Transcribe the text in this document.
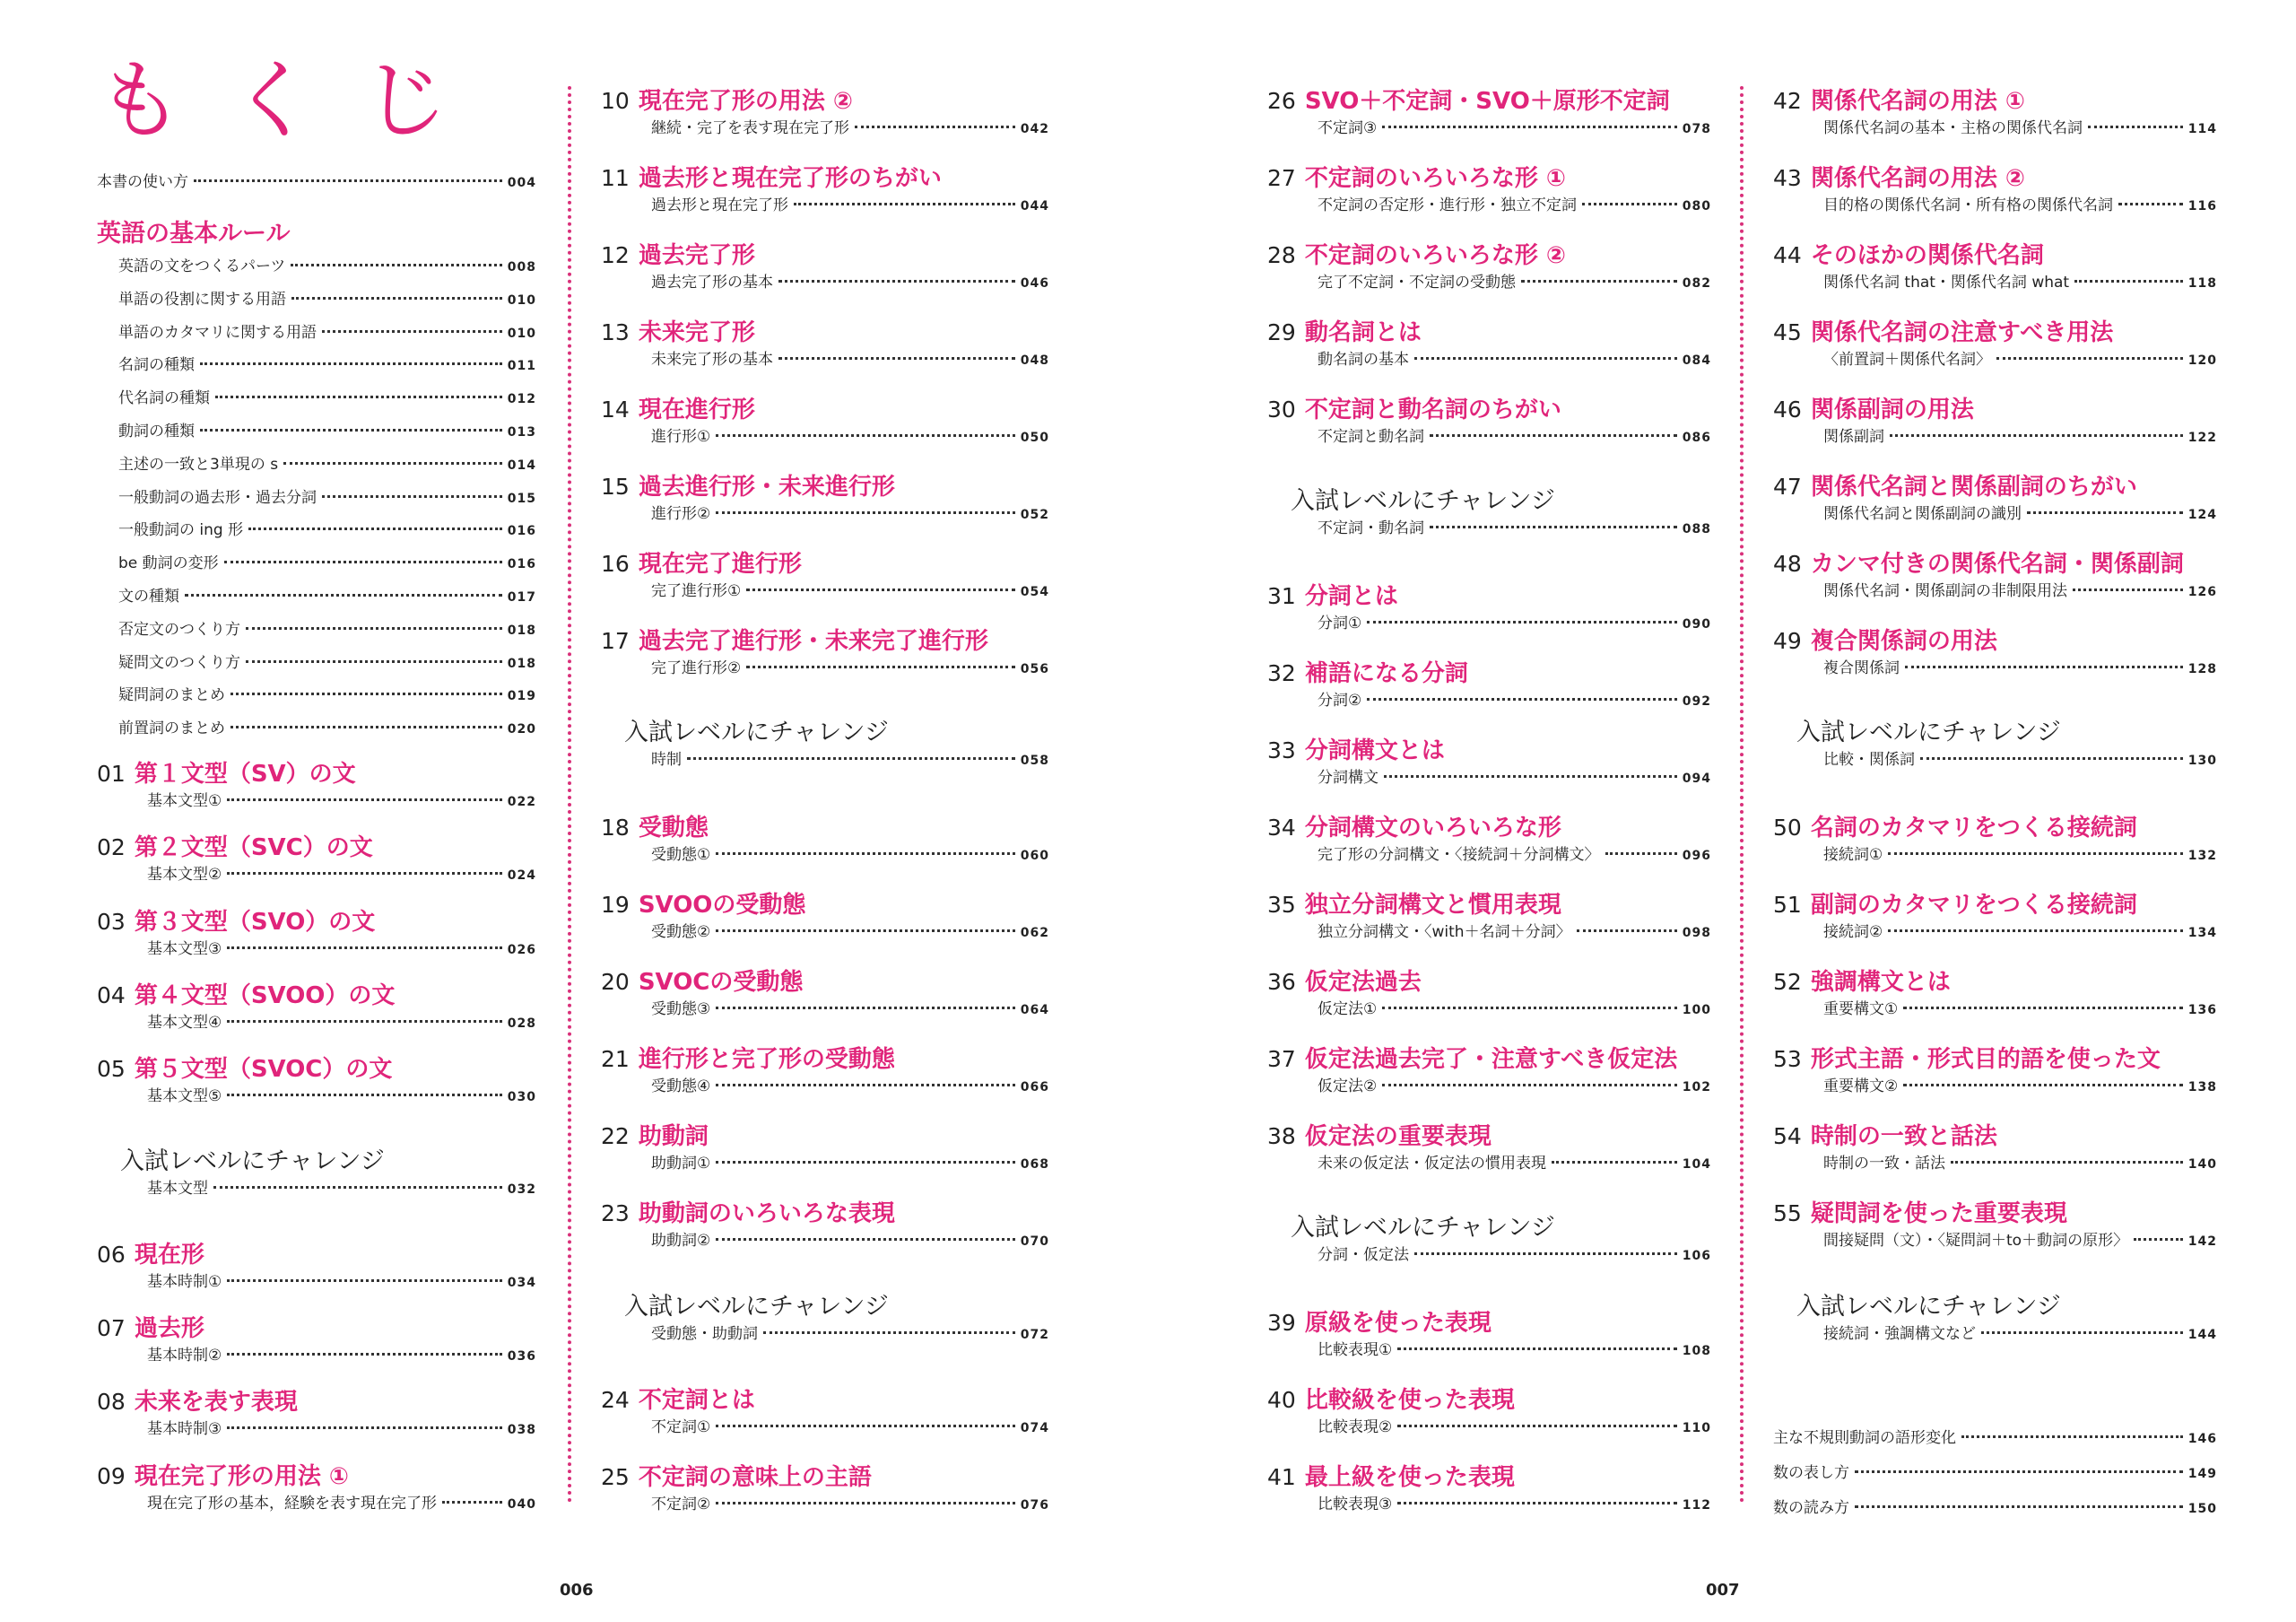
もくじ
本書の使い方	004
英語の基本ルール
英語の文をつくるパーツ	008
単語の役割に関する用語	010
単語のカタマリに関する用語	010
名詞の種類	011
代名詞の種類	012
動詞の種類	013
主述の一致と3単現の s	014
一般動詞の過去形・過去分詞	015
一般動詞の ing 形	016
be 動詞の変形	016
文の種類	017
否定文のつくり方	018
疑問文のつくり方	018
疑問詞のまとめ	019
前置詞のまとめ	020
01 第１文型（SV）の文
基本文型①	022
02 第２文型（SVC）の文
基本文型②	024
03 第３文型（SVO）の文
基本文型③	026
04 第４文型（SVOO）の文
基本文型④	028
05 第５文型（SVOC）の文
基本文型⑤	030
入試レベルにチャレンジ
基本文型	032
06 現在形
基本時制①	034
07 過去形
基本時制②	036
08 未来を表す表現
基本時制③	038
09 現在完了形の用法 ①
現在完了形の基本，経験を表す現在完了形	040
10 現在完了形の用法 ②
継続・完了を表す現在完了形	042
11 過去形と現在完了形のちがい
過去形と現在完了形	044
12 過去完了形
過去完了形の基本	046
13 未来完了形
未来完了形の基本	048
14 現在進行形
進行形①	050
15 過去進行形・未来進行形
進行形②	052
16 現在完了進行形
完了進行形①	054
17 過去完了進行形・未来完了進行形
完了進行形②	056
入試レベルにチャレンジ
時制	058
18 受動態
受動態①	060
19 SVOOの受動態
受動態②	062
20 SVOCの受動態
受動態③	064
21 進行形と完了形の受動態
受動態④	066
22 助動詞
助動詞①	068
23 助動詞のいろいろな表現
助動詞②	070
入試レベルにチャレンジ
受動態・助動詞	072
24 不定詞とは
不定詞①	074
25 不定詞の意味上の主語
不定詞②	076
26 SVO＋不定詞・SVO＋原形不定詞
不定詞③	078
27 不定詞のいろいろな形 ①
不定詞の否定形・進行形・独立不定詞	080
28 不定詞のいろいろな形 ②
完了不定詞・不定詞の受動態	082
29 動名詞とは
動名詞の基本	084
30 不定詞と動名詞のちがい
不定詞と動名詞	086
入試レベルにチャレンジ
不定詞・動名詞	088
31 分詞とは
分詞①	090
32 補語になる分詞
分詞②	092
33 分詞構文とは
分詞構文	094
34 分詞構文のいろいろな形
完了形の分詞構文・〈接続詞＋分詞構文〉	096
35 独立分詞構文と慣用表現
独立分詞構文・〈with＋名詞＋分詞〉	098
36 仮定法過去
仮定法①	100
37 仮定法過去完了・注意すべき仮定法
仮定法②	102
38 仮定法の重要表現
未来の仮定法・仮定法の慣用表現	104
入試レベルにチャレンジ
分詞・仮定法	106
39 原級を使った表現
比較表現①	108
40 比較級を使った表現
比較表現②	110
41 最上級を使った表現
比較表現③	112
42 関係代名詞の用法 ①
関係代名詞の基本・主格の関係代名詞	114
43 関係代名詞の用法 ②
目的格の関係代名詞・所有格の関係代名詞	116
44 そのほかの関係代名詞
関係代名詞 that・関係代名詞 what	118
45 関係代名詞の注意すべき用法
〈前置詞＋関係代名詞〉	120
46 関係副詞の用法
関係副詞	122
47 関係代名詞と関係副詞のちがい
関係代名詞と関係副詞の識別	124
48 カンマ付きの関係代名詞・関係副詞
関係代名詞・関係副詞の非制限用法	126
49 複合関係詞の用法
複合関係詞	128
入試レベルにチャレンジ
比較・関係詞	130
50 名詞のカタマリをつくる接続詞
接続詞①	132
51 副詞のカタマリをつくる接続詞
接続詞②	134
52 強調構文とは
重要構文①	136
53 形式主語・形式目的語を使った文
重要構文②	138
54 時制の一致と話法
時制の一致・話法	140
55 疑問詞を使った重要表現
間接疑問（文）・〈疑問詞＋to＋動詞の原形〉	142
入試レベルにチャレンジ
接続詞・強調構文など	144
主な不規則動詞の語形変化	146
数の表し方	149
数の読み方	150
006	007
